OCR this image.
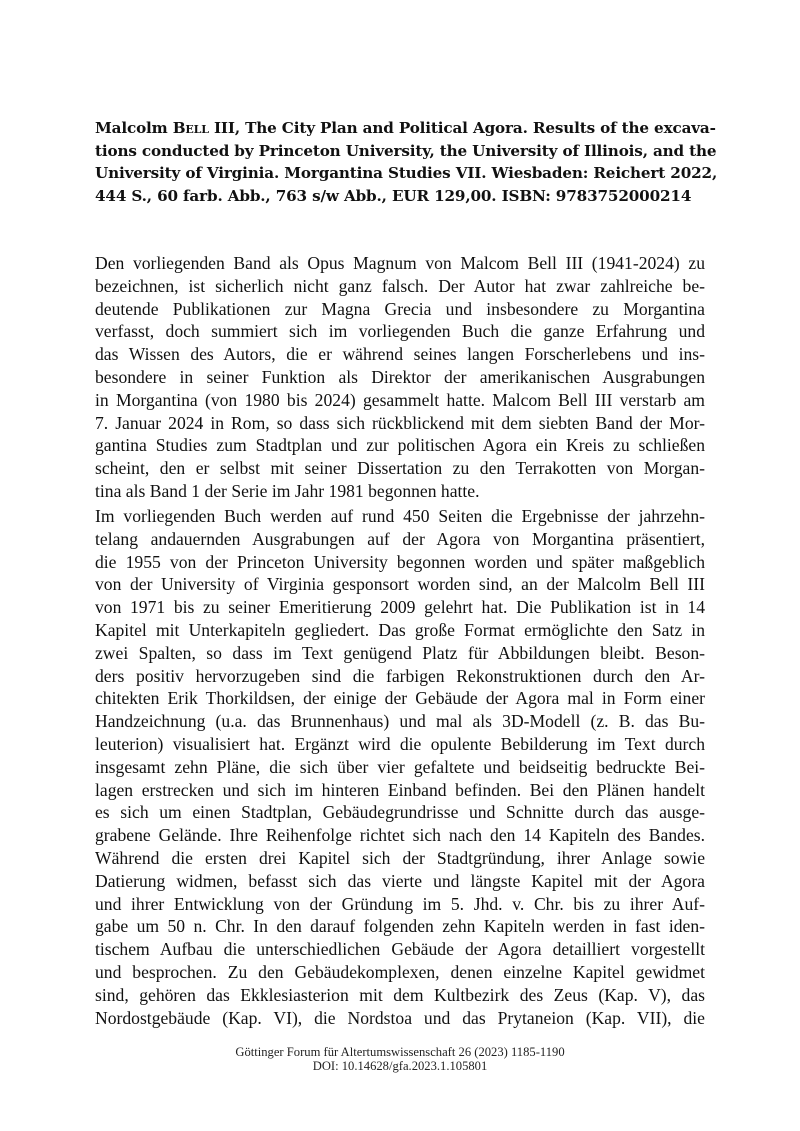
Malcolm Bell III, The City Plan and Political Agora. Results of the excava-
tions conducted by Princeton University, the University of Illinois, and the
University of Virginia. Morgantina Studies VII. Wiesbaden: Reichert 2022,
444 S., 60 farb. Abb., 763 s/w Abb., EUR 129,00. ISBN: 9783752000214
Den vorliegenden Band als Opus Magnum von Malcom Bell III (1941-2024) zu
bezeichnen, ist sicherlich nicht ganz falsch. Der Autor hat zwar zahlreiche be-
deutende Publikationen zur Magna Grecia und insbesondere zu Morgantina
verfasst, doch summiert sich im vorliegenden Buch die ganze Erfahrung und
das Wissen des Autors, die er während seines langen Forscherlebens und ins-
besondere in seiner Funktion als Direktor der amerikanischen Ausgrabungen
in Morgantina (von 1980 bis 2024) gesammelt hatte. Malcom Bell III verstarb am
7. Januar 2024 in Rom, so dass sich rückblickend mit dem siebten Band der Mor-
gantina Studies zum Stadtplan und zur politischen Agora ein Kreis zu schließen
scheint, den er selbst mit seiner Dissertation zu den Terrakotten von Morgan-
tina als Band 1 der Serie im Jahr 1981 begonnen hatte.
Im vorliegenden Buch werden auf rund 450 Seiten die Ergebnisse der jahrzehn-
telang andauernden Ausgrabungen auf der Agora von Morgantina präsentiert,
die 1955 von der Princeton University begonnen worden und später maßgeblich
von der University of Virginia gesponsort worden sind, an der Malcolm Bell III
von 1971 bis zu seiner Emeritierung 2009 gelehrt hat. Die Publikation ist in 14
Kapitel mit Unterkapiteln gegliedert. Das große Format ermöglichte den Satz in
zwei Spalten, so dass im Text genügend Platz für Abbildungen bleibt. Beson-
ders positiv hervorzugeben sind die farbigen Rekonstruktionen durch den Ar-
chitekten Erik Thorkildsen, der einige der Gebäude der Agora mal in Form einer
Handzeichnung (u.a. das Brunnenhaus) und mal als 3D-Modell (z. B. das Bu-
leuterion) visualisiert hat. Ergänzt wird die opulente Bebilderung im Text durch
insgesamt zehn Pläne, die sich über vier gefaltete und beidseitig bedruckte Bei-
lagen erstrecken und sich im hinteren Einband befinden. Bei den Plänen handelt
es sich um einen Stadtplan, Gebäudegrundrisse und Schnitte durch das ausge-
grabene Gelände. Ihre Reihenfolge richtet sich nach den 14 Kapiteln des Bandes.
Während die ersten drei Kapitel sich der Stadtgründung, ihrer Anlage sowie
Datierung widmen, befasst sich das vierte und längste Kapitel mit der Agora
und ihrer Entwicklung von der Gründung im 5. Jhd. v. Chr. bis zu ihrer Auf-
gabe um 50 n. Chr. In den darauf folgenden zehn Kapiteln werden in fast iden-
tischem Aufbau die unterschiedlichen Gebäude der Agora detailliert vorgestellt
und besprochen. Zu den Gebäudekomplexen, denen einzelne Kapitel gewidmet
sind, gehören das Ekklesiasterion mit dem Kultbezirk des Zeus (Kap. V), das
Nordostgebäude (Kap. VI), die Nordstoa und das Prytaneion (Kap. VII), die
Göttinger Forum für Altertumswissenschaft 26 (2023) 1185-1190
DOI: 10.14628/gfa.2023.1.105801
